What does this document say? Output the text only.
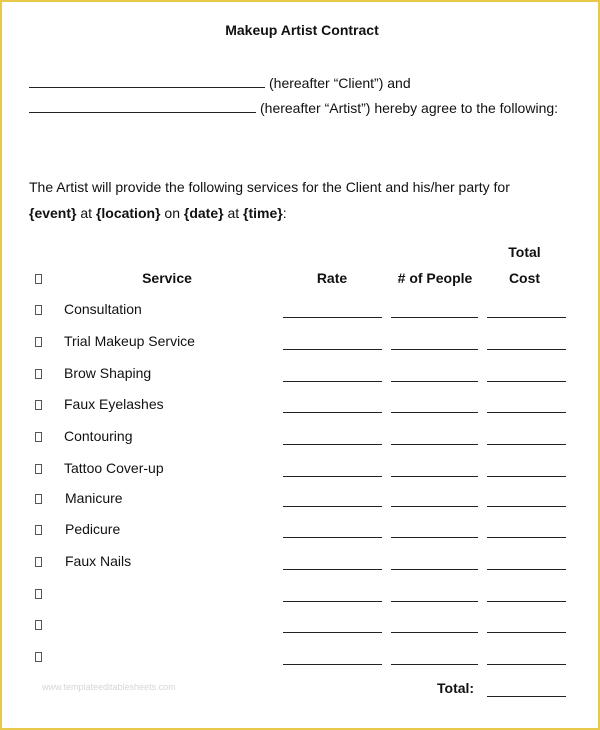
Makeup Artist Contract
(hereafter “Client”) and
(hereafter “Artist”) hereby agree to the following:
The Artist will provide the following services for the Client and his/her party for
{event} at {location} on {date} at {time}:
Service	Rate	# of People
Total
Cost
Consultation
Trial Makeup Service
Brow Shaping
Faux Eyelashes
Contouring
Tattoo Cover-up
Manicure
Pedicure
Faux Nails
Total:
www.templateeditablesheets.com
